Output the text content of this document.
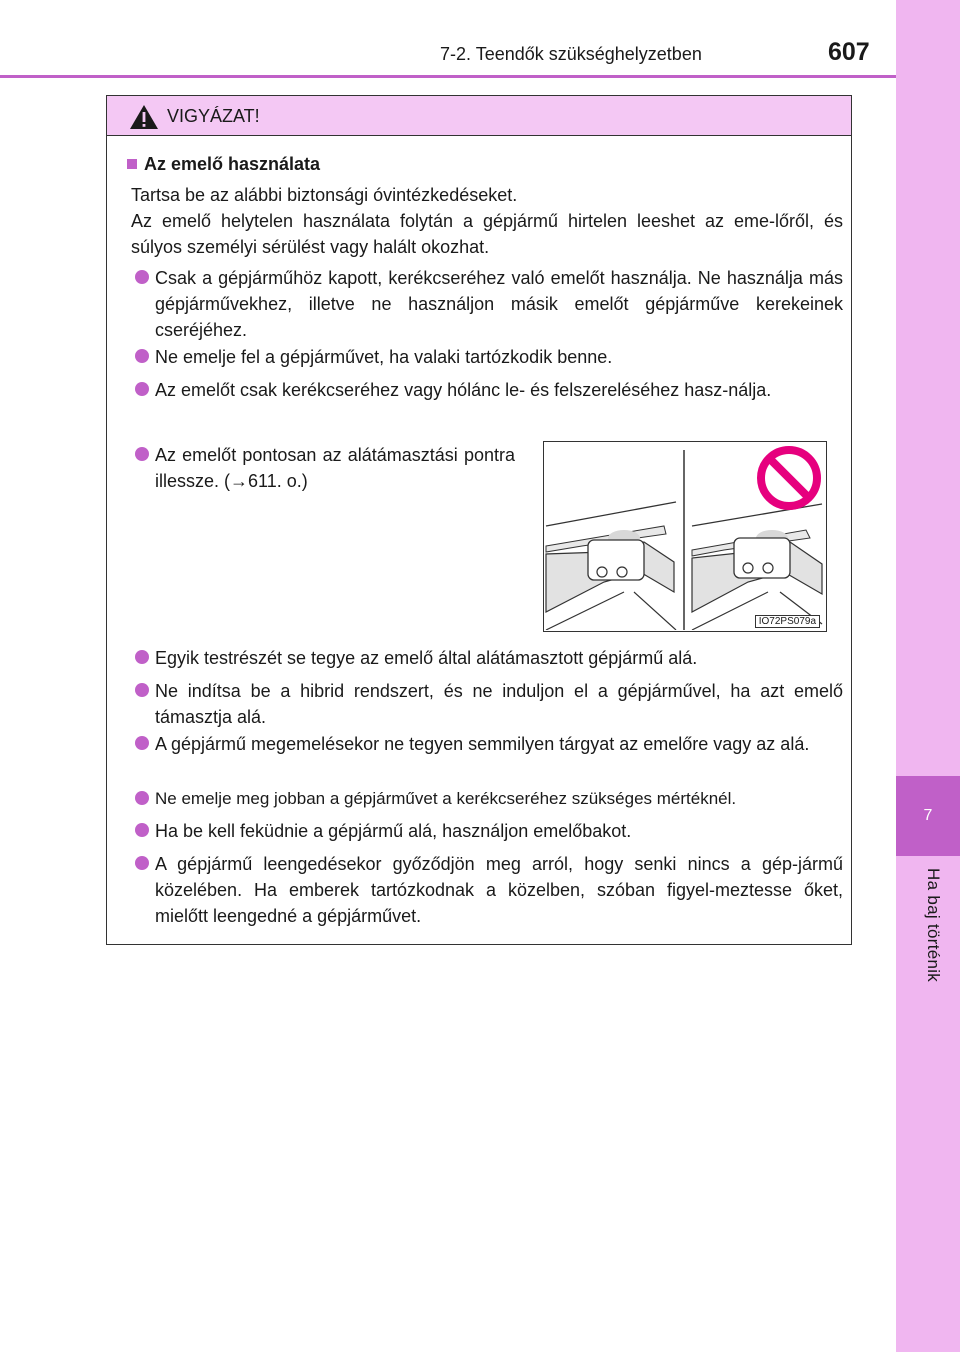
7
Ha baj történik
7-2. Teendők szükséghelyzetben	607
VIGYÁZAT!
Az emelő használata

Tartsa be az alábbi biztonsági óvintézkedéseket.

Az emelő helytelen használata folytán a gépjármű hirtelen leeshet az eme-lőről, és súlyos személyi sérülést vagy halált okozhat.

Csak a gépjárműhöz kapott, kerékcseréhez való emelőt használja. Ne használja más gépjárművekhez, illetve ne használjon másik emelőt gépjárműve kerekeinek cseréjéhez.
Ne emelje fel a gépjárművet, ha valaki tartózkodik benne.
Az emelőt csak kerékcseréhez vagy hólánc le- és felszereléséhez hasz-nálja.
Az emelőt pontosan az alátámasztási pontra illessze. (→611. o.)
Egyik testrészét se tegye az emelő által alátámasztott gépjármű alá.
Ne indítsa be a hibrid rendszert, és ne induljon el a gépjárművel, ha azt emelő támasztja alá.
A gépjármű megemelésekor ne tegyen semmilyen tárgyat az emelőre vagy az alá.
Ne emelje meg jobban a gépjárművet a kerékcseréhez szükséges mértéknél.
Ha be kell feküdnie a gépjármű alá, használjon emelőbakot.
A gépjármű leengedésekor győződjön meg arról, hogy senki nincs a gép-jármű közelében. Ha emberek tartózkodnak a közelben, szóban figyel-meztesse őket, mielőtt leengedné a gépjárművet.
IO72PS079a
